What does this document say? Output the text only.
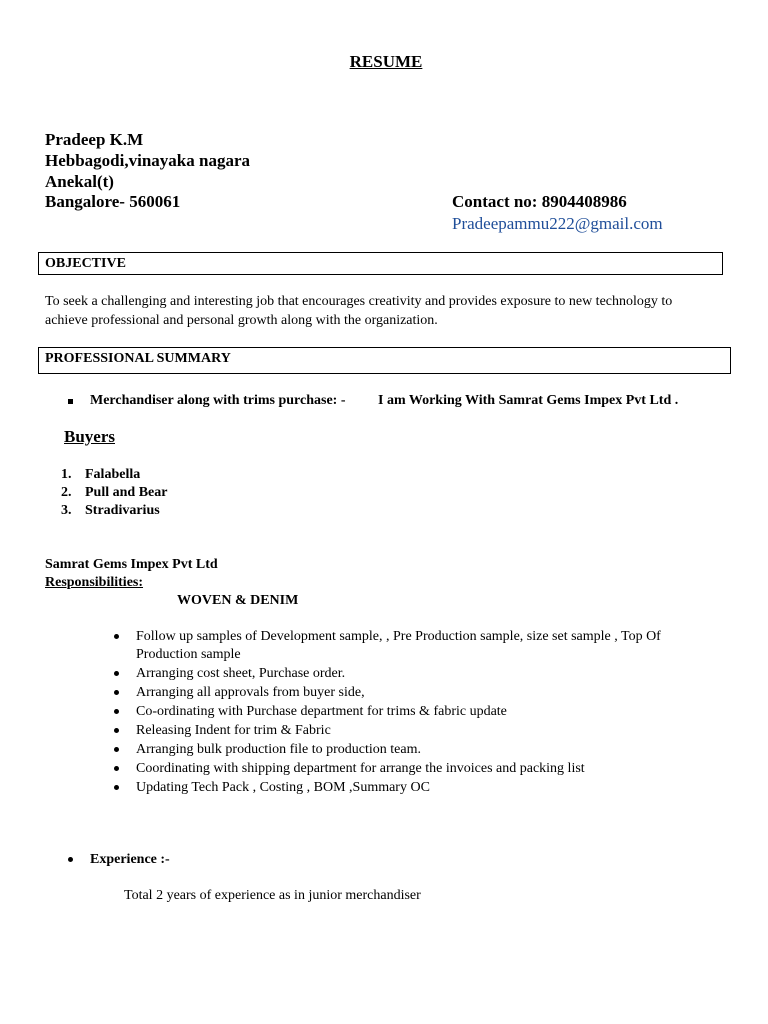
RESUME
Pradeep K.M
Hebbagodi,vinayaka nagara
Anekal(t)
Bangalore- 560061	Contact no: 8904408986
Pradeepammu222@gmail.com
OBJECTIVE
To seek a challenging and interesting job that encourages creativity and provides exposure to new technology to
achieve professional and personal growth along with the organization.
PROFESSIONAL SUMMARY
Merchandiser along with trims purchase: - I am Working With Samrat Gems Impex Pvt Ltd .
Buyers
1. Falabella
2. Pull and Bear
3. Stradivarius
Samrat Gems Impex Pvt Ltd
Responsibilities:
WOVEN & DENIM
Follow up samples of Development sample, , Pre Production sample, size set sample , Top Of
Production sample
Arranging cost sheet, Purchase order.
Arranging all approvals from buyer side,
Co-ordinating with Purchase department for trims & fabric update
Releasing Indent for trim & Fabric
Arranging bulk production file to production team.
Coordinating with shipping department for arrange the invoices and packing list
Updating Tech Pack , Costing , BOM ,Summary OC
Experience :-
Total 2 years of experience as in junior merchandiser
